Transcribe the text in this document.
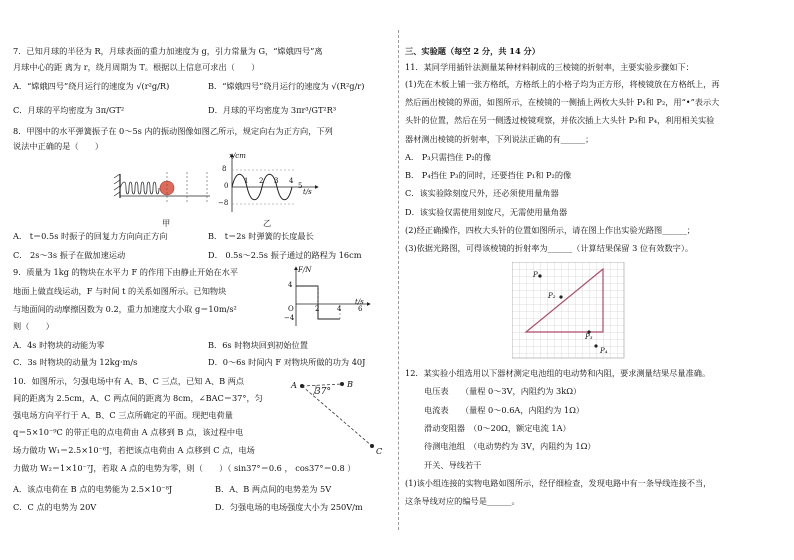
7．已知月球的半径为 R，月球表面的重力加速度为 g，引力常量为 G，“嫦娥四号”离
月球中心的距 离为 r，绕月周期为 T。根据以上信息可求出（　　）
A．“嫦娥四号”绕月运行的速度为 √(r²g/R)	B．“嫦娥四号”绕月运行的速度为 √(R²g/r)
C．月球的平均密度为 3π/GT²	D．月球的平均密度为 3πr³/GT²R³
8．甲图中的水平弹簧振子在 0～5s 内的振动图像如图乙所示，规定向右为正方向，下列
说法中正确的是（　　）
甲
x/cm
t/s
8
−8
0
1 2 3 4
5
乙
A． t＝0.5s 时振子的回复力方向向正方向	B． t＝2s 时弹簧的长度最长
C． 2s～3s 振子在做加速运动	D． 0.5s～2.5s 振子通过的路程为 16cm
9．质量为 1kg 的物块在水平力 F 的作用下由静止开始在水平
地面上做直线运动，F 与时间 t 的关系如图所示。已知物块
与地面间的动摩擦因数为 0.2，重力加速度大小取 g＝10m/s²
则（　　）
F/N
t/s
4
−4
O	2	4 6
A．4s 时物块的动能为零	B．6s 时物块回到初始位置
C．3s 时物块的动量为 12kg·m/s	D．0～6s 时间内 F 对物块所做的功为 40J
10．如图所示，匀强电场中有 A、B、C 三点，已知 A、B 两点
间的距离为 2.5cm，A、C 两点间的距离为 8cm，∠BAC＝37°，匀
强电场方向平行于 A、B、C 三点所确定的平面。现把电荷量
q＝5×10⁻⁹C 的带正电的点电荷由 A 点移到 B 点，该过程中电
场力做功 W₁＝2.5×10⁻⁸J，若把该点电荷由 A 点移到 C 点，电场
力做功 W₂＝1×10⁻⁷J，若取 A 点的电势为零，则（　　）（ sin37°＝0.6 ， cos37°＝0.8 ）
A	B
C
37°
A．该点电荷在 B 点的电势能为 2.5×10⁻⁸J	B．A、B 两点间的电势差为 5V
C．C 点的电势为 20V	D．匀强电场的电场强度大小为 250V/m
三、实验题（每空 2 分，共 14 分）
11．某同学用插针法测量某种材料制成的三棱镜的折射率，主要实验步骤如下：
(1)先在木板上铺一张方格纸，方格纸上的小格子均为正方形，将棱镜放在方格纸上，再
然后画出棱镜的界面，如图所示，在棱镜的一侧插上两枚大头针 P₁和 P₂，用“•”表示大
头针的位置，然后在另一侧透过棱镜观察，并依次插上大头针 P₃和 P₄，利用相关实验
器材测出棱镜的折射率，下列说法正确的有______；
A． P₃只需挡住 P₂的像
B． P₄挡住 P₃的同时，还要挡住 P₁和 P₂的像
C．该实验除刻度尺外，还必须使用量角器
D．该实验仅需使用刻度尺，无需使用量角器
(2)经正确操作，四枚大头针的位置如图所示，请在图上作出实验光路图______；
(3)依据光路图，可得该棱镜的折射率为______（计算结果保留 3 位有效数字）。
P₁
P₂
P₃
P₄
12．某实验小组选用以下器材测定电池组的电动势和内阻，要求测量结果尽量准确。
电压表　　（量程 0～3V，内阻约为 3kΩ）
电流表　　（量程 0～0.6A，内阻约为 1Ω）
滑动变阻器　（0～20Ω，额定电流 1A）
待测电池组　（电动势约为 3V，内阻约为 1Ω）
开关、导线若干
(1)该小组连接的实物电路如图所示，经仔细检查，发现电路中有一条导线连接不当，
这条导线对应的编号是______。
